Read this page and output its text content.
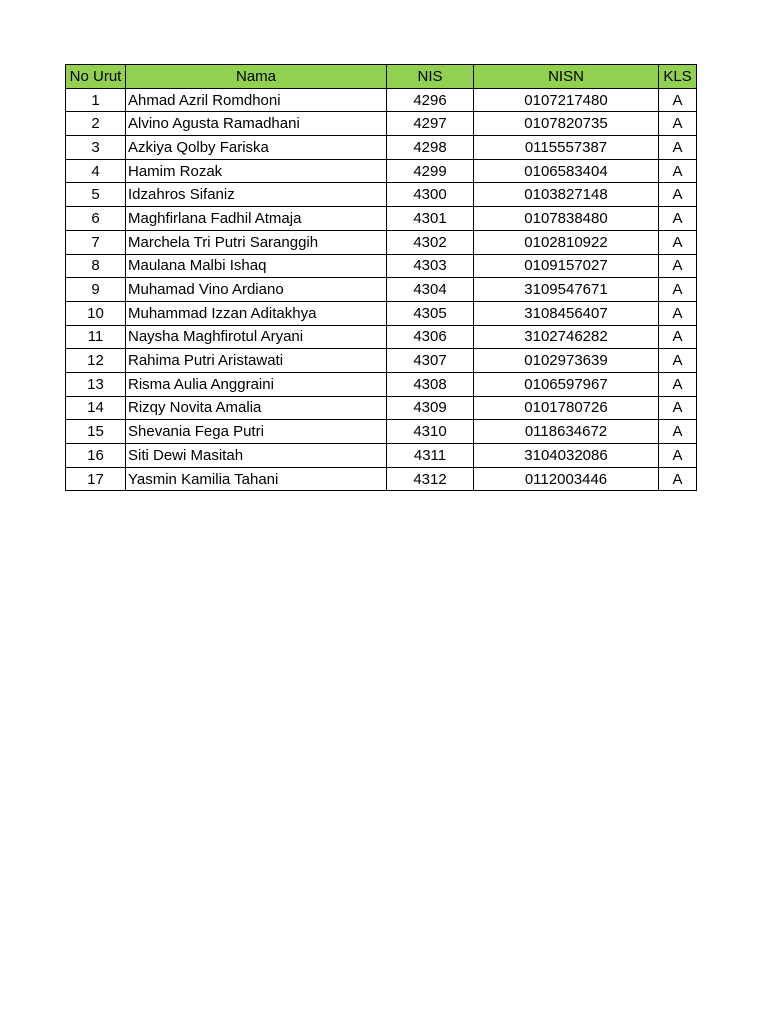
No Urut	Nama	NIS	NISN	KLS
1	Ahmad Azril Romdhoni	4296	0107217480	A
2	Alvino Agusta Ramadhani	4297	0107820735	A
3	Azkiya Qolby Fariska	4298	0115557387	A
4	Hamim Rozak	4299	0106583404	A
5	Idzahros Sifaniz	4300	0103827148	A
6	Maghfirlana Fadhil Atmaja	4301	0107838480	A
7	Marchela Tri Putri Saranggih	4302	0102810922	A
8	Maulana Malbi Ishaq	4303	0109157027	A
9	Muhamad Vino Ardiano	4304	3109547671	A
10	Muhammad Izzan Aditakhya	4305	3108456407	A
11	Naysha Maghfirotul Aryani	4306	3102746282	A
12	Rahima Putri Aristawati	4307	0102973639	A
13	Risma Aulia Anggraini	4308	0106597967	A
14	Rizqy Novita Amalia	4309	0101780726	A
15	Shevania Fega Putri	4310	0118634672	A
16	Siti Dewi Masitah	4311	3104032086	A
17	Yasmin Kamilia Tahani	4312	0112003446	A
